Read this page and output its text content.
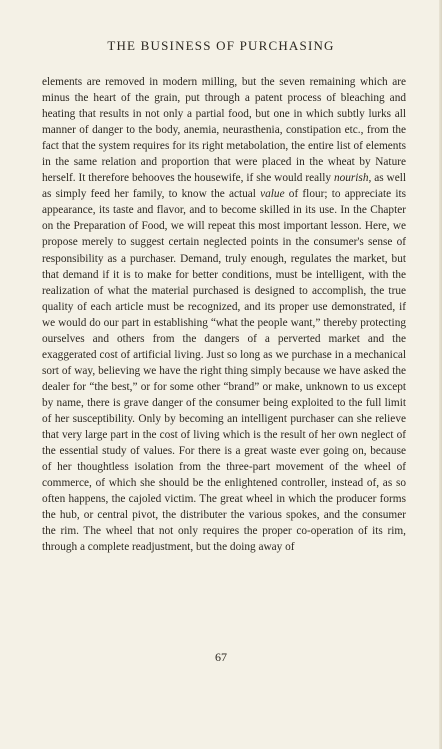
THE BUSINESS OF PURCHASING
elements are removed in modern milling, but the seven remaining which are minus the heart of the grain, put through a patent process of bleaching and heating that results in not only a partial food, but one in which subtly lurks all manner of danger to the body, anemia, neurasthenia, constipation etc., from the fact that the system requires for its right metabolation, the entire list of elements in the same relation and proportion that were placed in the wheat by Nature herself. It therefore behooves the housewife, if she would really nourish, as well as simply feed her family, to know the actual value of flour; to appreciate its appearance, its taste and flavor, and to become skilled in its use. In the Chapter on the Preparation of Food, we will repeat this most important lesson. Here, we propose merely to suggest certain neglected points in the consumer's sense of responsibility as a purchaser. Demand, truly enough, regulates the market, but that demand if it is to make for better conditions, must be intelligent, with the realization of what the material purchased is designed to accomplish, the true quality of each article must be recognized, and its proper use demonstrated, if we would do our part in establishing “what the people want,” thereby protecting ourselves and others from the dangers of a perverted market and the exaggerated cost of artificial living. Just so long as we purchase in a mechanical sort of way, believing we have the right thing simply because we have asked the dealer for “the best,” or for some other “brand” or make, unknown to us except by name, there is grave danger of the consumer being exploited to the full limit of her susceptibility. Only by becoming an intelligent purchaser can she relieve that very large part in the cost of living which is the result of her own neglect of the essential study of values. For there is a great waste ever going on, because of her thoughtless isolation from the three-part movement of the wheel of commerce, of which she should be the enlightened controller, instead of, as so often happens, the cajoled victim. The great wheel in which the producer forms the hub, or central pivot, the distributer the various spokes, and the consumer the rim. The wheel that not only requires the proper co-operation of its rim, through a complete readjustment, but the doing away of
67
